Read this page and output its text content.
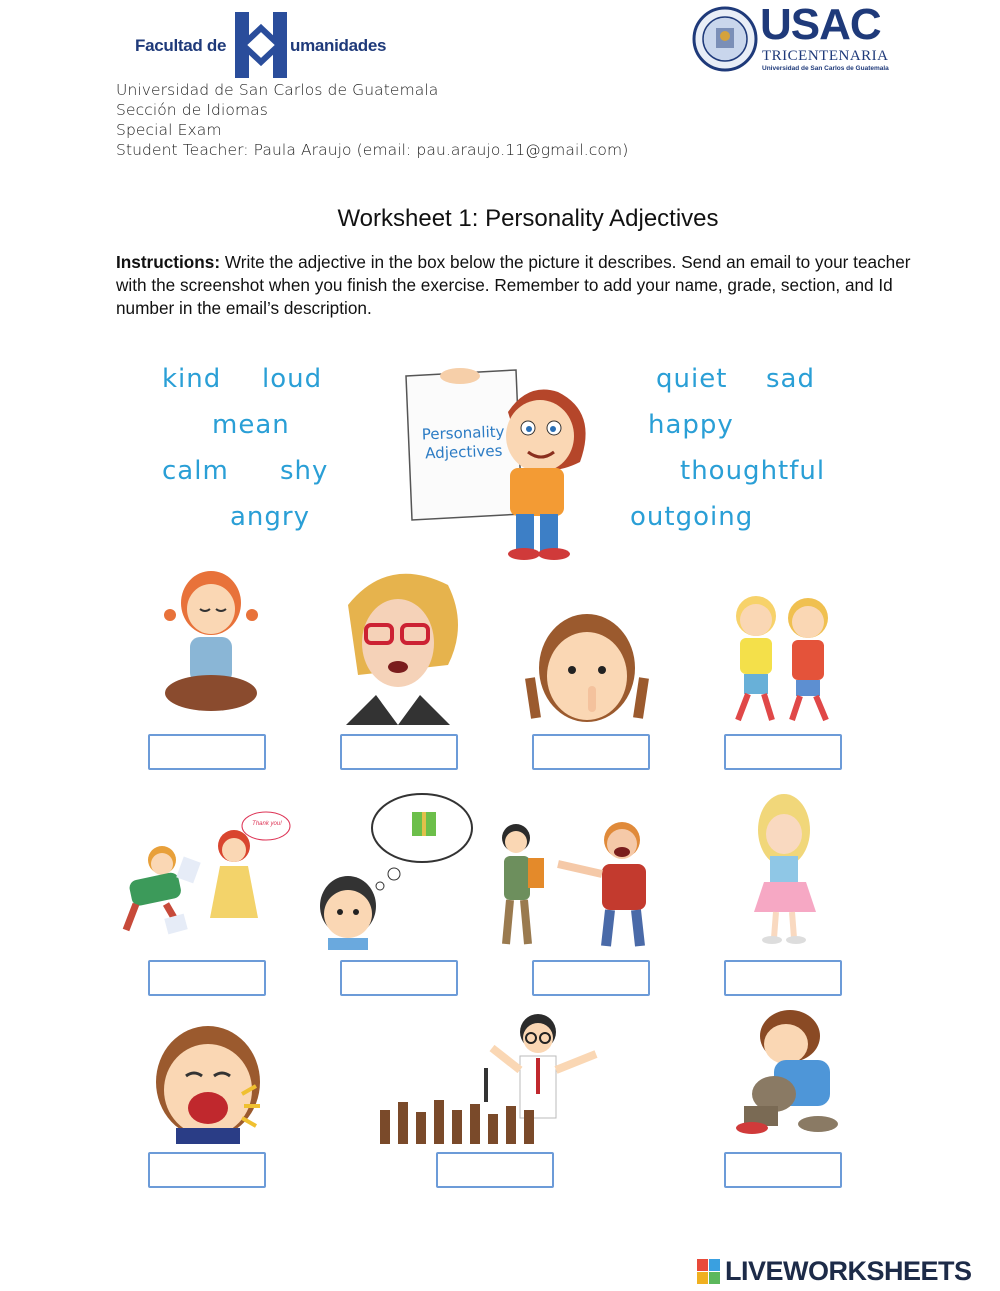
Facultad de	umanidades	USAC
TRICENTENARIA
Universidad de San Carlos de Guatemala
Universidad de San Carlos de Guatemala
Sección de Idiomas
Special Exam
Student Teacher: Paula Araujo (email: pau.araujo.11@gmail.com)
Worksheet 1: Personality Adjectives
Instructions: Write the adjective in the box below the picture it describes. Send an email to your teacher with the screenshot when you finish the exercise. Remember to add your name, grade, section, and Id number in the email’s description.
kind loud
mean
calm shy
angry
quiet sad
happy
thoughtful
outgoing
Personality
Adjectives
Thank you!
LIVEWORKSHEETS
